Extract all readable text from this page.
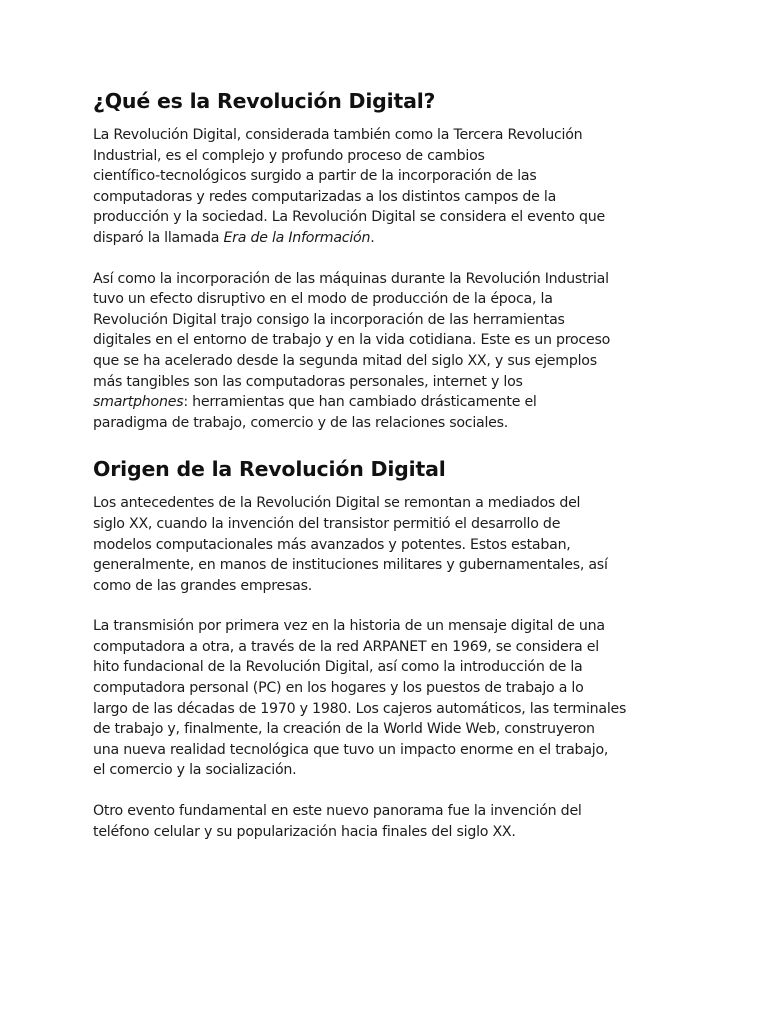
¿Qué es la Revolución Digital?

La Revolución Digital, considerada también como la Tercera Revolución
Industrial, es el complejo y profundo proceso de cambios
científico-tecnológicos surgido a partir de la incorporación de las
computadoras y redes computarizadas a los distintos campos de la
producción y la sociedad. La Revolución Digital se considera el evento que
disparó la llamada Era de la Información.

Así como la incorporación de las máquinas durante la Revolución Industrial
tuvo un efecto disruptivo en el modo de producción de la época, la
Revolución Digital trajo consigo la incorporación de las herramientas
digitales en el entorno de trabajo y en la vida cotidiana. Este es un proceso
que se ha acelerado desde la segunda mitad del siglo XX, y sus ejemplos
más tangibles son las computadoras personales, internet y los
smartphones: herramientas que han cambiado drásticamente el
paradigma de trabajo, comercio y de las relaciones sociales.

Origen de la Revolución Digital

Los antecedentes de la Revolución Digital se remontan a mediados del
siglo XX, cuando la invención del transistor permitió el desarrollo de
modelos computacionales más avanzados y potentes. Estos estaban,
generalmente, en manos de instituciones militares y gubernamentales, así
como de las grandes empresas.

La transmisión por primera vez en la historia de un mensaje digital de una
computadora a otra, a través de la red ARPANET en 1969, se considera el
hito fundacional de la Revolución Digital, así como la introducción de la
computadora personal (PC) en los hogares y los puestos de trabajo a lo
largo de las décadas de 1970 y 1980. Los cajeros automáticos, las terminales
de trabajo y, finalmente, la creación de la World Wide Web, construyeron
una nueva realidad tecnológica que tuvo un impacto enorme en el trabajo,
el comercio y la socialización.

Otro evento fundamental en este nuevo panorama fue la invención del
teléfono celular y su popularización hacia finales del siglo XX.
